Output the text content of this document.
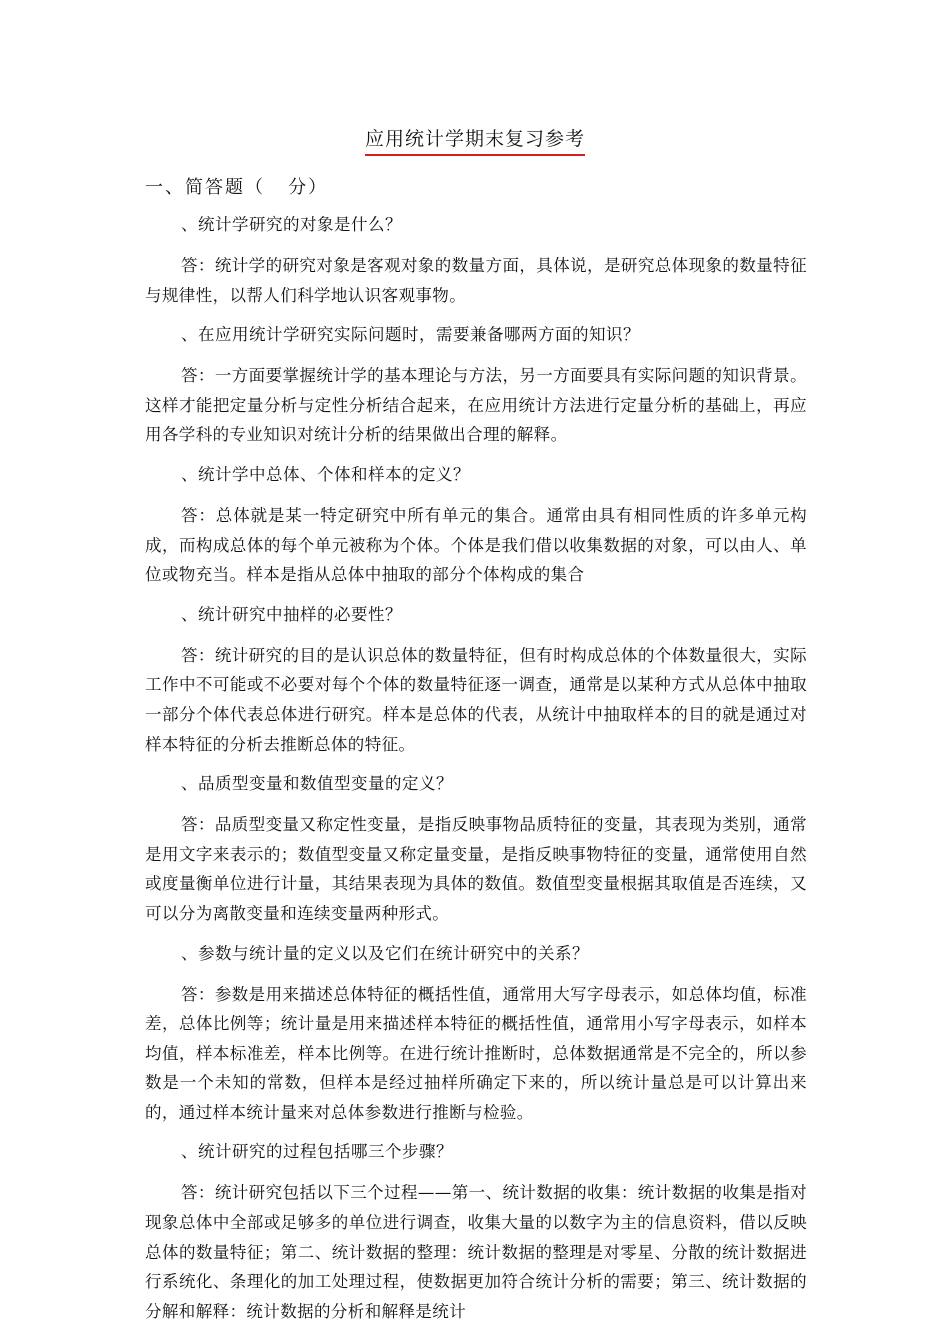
应用统计学期末复习参考
一、简答题（   分）

、统计学研究的对象是什么？

答：统计学的研究对象是客观对象的数量方面，具体说，是研究总体现象的数量特征与规律性，以帮人们科学地认识客观事物。

、在应用统计学研究实际问题时，需要兼备哪两方面的知识？

答：一方面要掌握统计学的基本理论与方法，另一方面要具有实际问题的知识背景。这样才能把定量分析与定性分析结合起来，在应用统计方法进行定量分析的基础上，再应用各学科的专业知识对统计分析的结果做出合理的解释。

、统计学中总体、个体和样本的定义？

答：总体就是某一特定研究中所有单元的集合。通常由具有相同性质的许多单元构成，而构成总体的每个单元被称为个体。个体是我们借以收集数据的对象，可以由人、单位或物充当。样本是指从总体中抽取的部分个体构成的集合

、统计研究中抽样的必要性？

答：统计研究的目的是认识总体的数量特征，但有时构成总体的个体数量很大，实际工作中不可能或不必要对每个个体的数量特征逐一调查，通常是以某种方式从总体中抽取一部分个体代表总体进行研究。样本是总体的代表，从统计中抽取样本的目的就是通过对样本特征的分析去推断总体的特征。

、品质型变量和数值型变量的定义？

答：品质型变量又称定性变量，是指反映事物品质特征的变量，其表现为类别，通常是用文字来表示的；数值型变量又称定量变量，是指反映事物特征的变量，通常使用自然或度量衡单位进行计量，其结果表现为具体的数值。数值型变量根据其取值是否连续，又可以分为离散变量和连续变量两种形式。

、参数与统计量的定义以及它们在统计研究中的关系？

答：参数是用来描述总体特征的概括性值，通常用大写字母表示，如总体均值，标准差，总体比例等；统计量是用来描述样本特征的概括性值，通常用小写字母表示，如样本均值，样本标准差，样本比例等。在进行统计推断时，总体数据通常是不完全的，所以参数是一个未知的常数，但样本是经过抽样所确定下来的，所以统计量总是可以计算出来的，通过样本统计量来对总体参数进行推断与检验。

、统计研究的过程包括哪三个步骤？

答：统计研究包括以下三个过程——第一、统计数据的收集：统计数据的收集是指对现象总体中全部或足够多的单位进行调查，收集大量的以数字为主的信息资料，借以反映总体的数量特征；第二、统计数据的整理：统计数据的整理是对零星、分散的统计数据进行系统化、条理化的加工处理过程，使数据更加符合统计分析的需要；第三、统计数据的分解和解释：统计数据的分析和解释是统计
